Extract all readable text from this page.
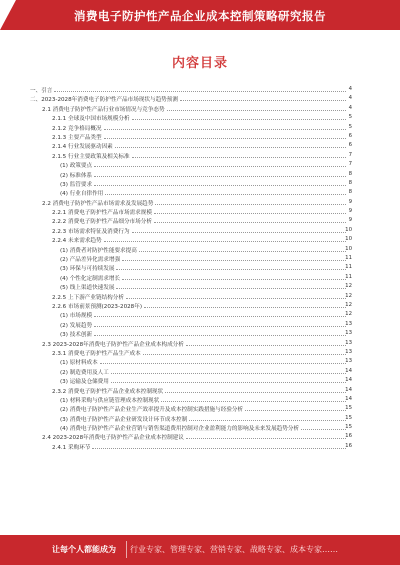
消费电子防护性产品企业成本控制策略研究报告
内容目录
一、引言	4
二、2023-2028年消费电子防护性产品市场现状与趋势预测	4
2.1 消费电子防护性产品行业市场情况与竞争态势	4
2.1.1 全球及中国市场规模分析	5
2.1.2 竞争格局概况	5
2.1.3 主要产品类型	6
2.1.4 行业发展驱动因素	6
2.1.5 行业主要政策及相关标准	7
(1) 政策要点	7
(2) 标准体系	8
(3) 监管要求	8
(4) 行业自律作用	8
2.2 消费电子防护性产品市场需求及发展趋势	9
2.2.1 消费电子防护性产品市场需求规模	9
2.2.2 消费电子防护性产品细分市场分析	9
2.2.3 市场需求特征及消费行为	10
2.2.4 未来需求趋势	10
(1) 消费者对防护性能要求提高	10
(2) 产品差异化需求增强	11
(3) 环保与可持续发展	11
(4) 个性化定制需求增长	11
(5) 线上渠道快速发展	12
2.2.5 上下游产业链结构分析	12
2.2.6 市场前景预测(2023-2028年)	12
(1) 市场规模	12
(2) 发展趋势	13
(3) 技术创新	13
2.3 2023-2028年消费电子防护性产品企业成本构成分析	13
2.3.1 消费电子防护性产品生产成本	13
(1) 原材料成本	13
(2) 制造费用及人工	14
(3) 运输及仓储费用	14
2.3.2 消费电子防护性产品企业成本控制现状	14
(1) 材料采购与供应链管理成本控制现状	14
(2) 消费电子防护性产品企业生产效率提升及成本控制实践措施与经验分析	15
(3) 消费电子防护性产品企业研发设计环节成本控制	15
(4) 消费电子防护性产品企业营销与销售渠道费用控制对企业盈利能力的影响及未来发展趋势分析	15
2.4 2023-2028年消费电子防护性产品企业成本控制建议	16
2.4.1 采购环节	16
让每个人都能成为 行业专家、管理专家、营销专家、战略专家、成本专家……
